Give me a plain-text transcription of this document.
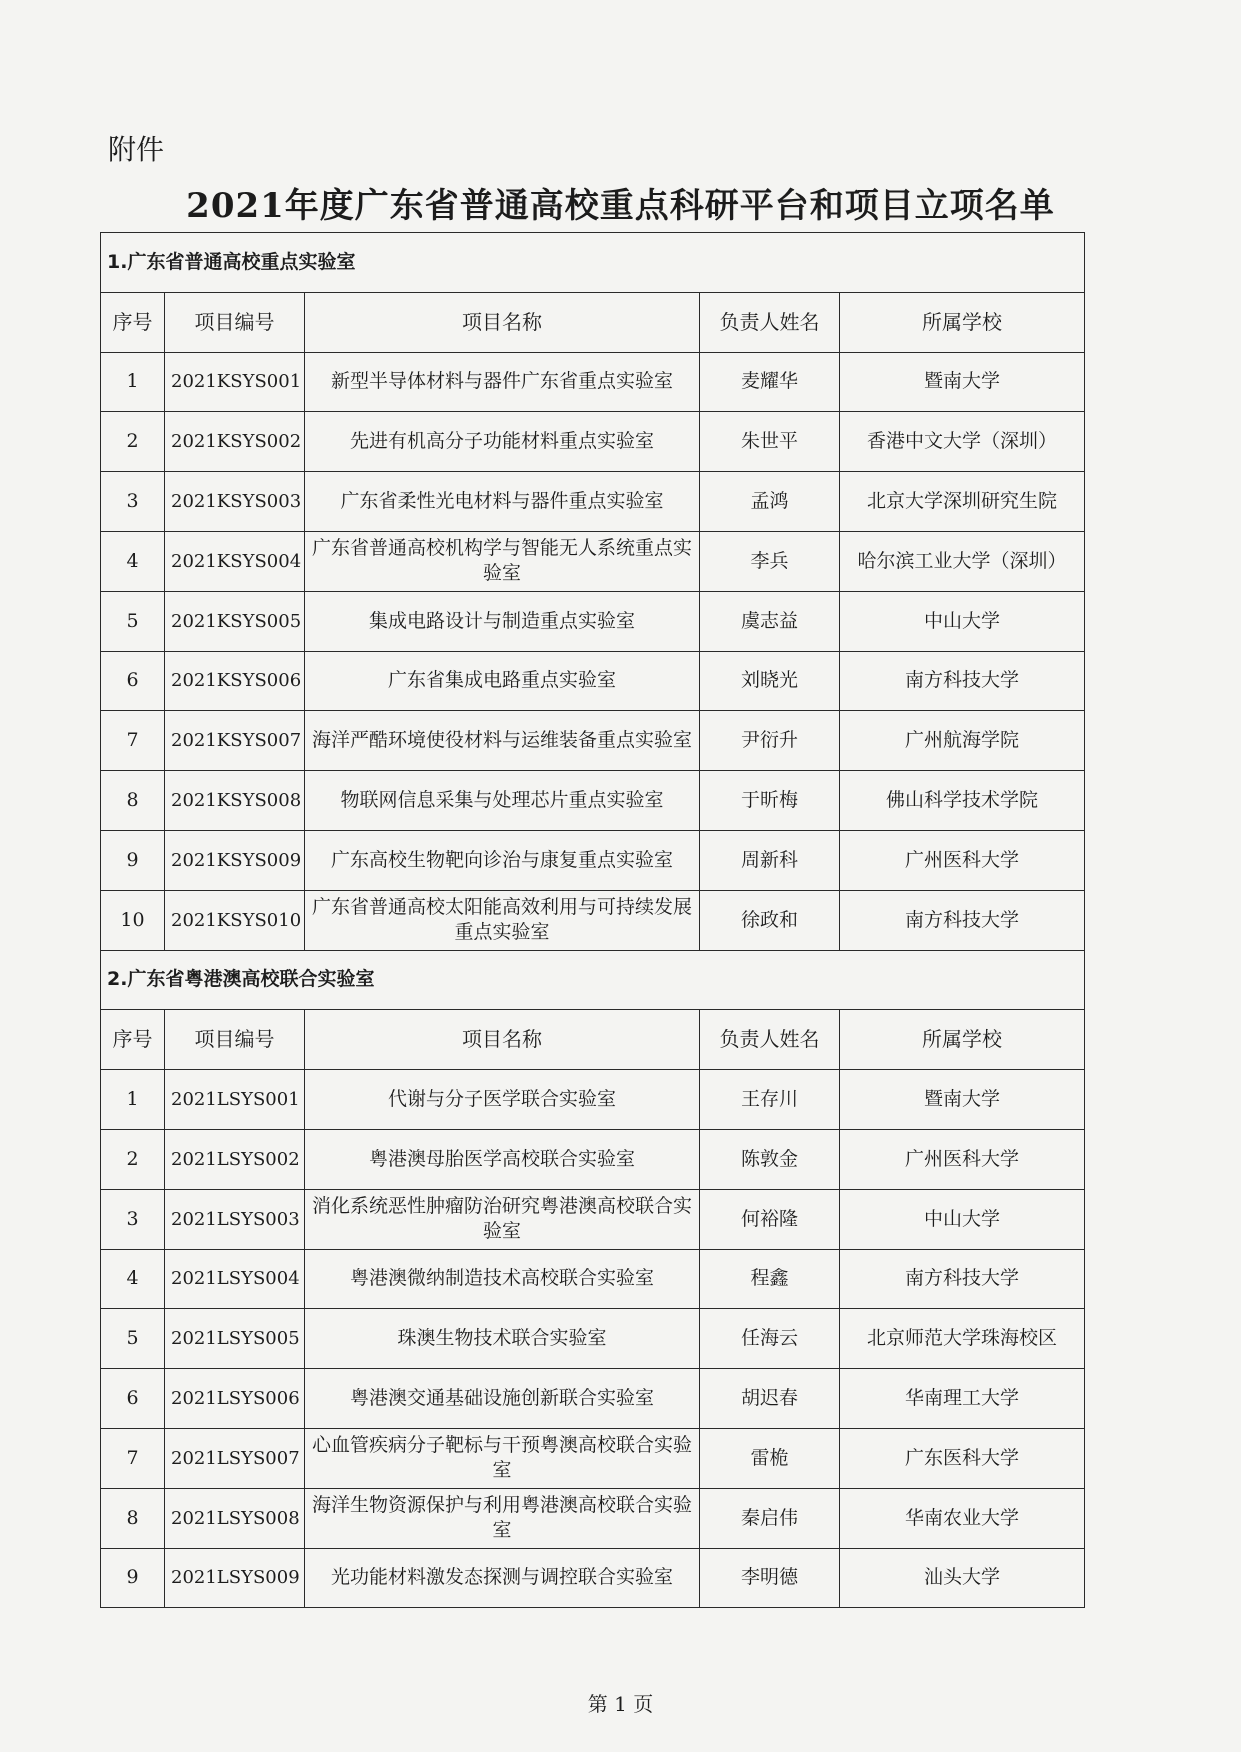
附件
2021年度广东省普通高校重点科研平台和项目立项名单
1.广东省普通高校重点实验室				
序号	项目编号	项目名称	负责人姓名	所属学校
1	2021KSYS001	新型半导体材料与器件广东省重点实验室	麦耀华	暨南大学
2	2021KSYS002	先进有机高分子功能材料重点实验室	朱世平	香港中文大学（深圳）
3	2021KSYS003	广东省柔性光电材料与器件重点实验室	孟鸿	北京大学深圳研究生院
4	2021KSYS004	广东省普通高校机构学与智能无人系统重点实验室	李兵	哈尔滨工业大学（深圳）
5	2021KSYS005	集成电路设计与制造重点实验室	虞志益	中山大学
6	2021KSYS006	广东省集成电路重点实验室	刘晓光	南方科技大学
7	2021KSYS007	海洋严酷环境使役材料与运维装备重点实验室	尹衍升	广州航海学院
8	2021KSYS008	物联网信息采集与处理芯片重点实验室	于昕梅	佛山科学技术学院
9	2021KSYS009	广东高校生物靶向诊治与康复重点实验室	周新科	广州医科大学
10	2021KSYS010	广东省普通高校太阳能高效利用与可持续发展重点实验室	徐政和	南方科技大学
2.广东省粤港澳高校联合实验室				
序号	项目编号	项目名称	负责人姓名	所属学校
1	2021LSYS001	代谢与分子医学联合实验室	王存川	暨南大学
2	2021LSYS002	粤港澳母胎医学高校联合实验室	陈敦金	广州医科大学
3	2021LSYS003	消化系统恶性肿瘤防治研究粤港澳高校联合实验室	何裕隆	中山大学
4	2021LSYS004	粤港澳微纳制造技术高校联合实验室	程鑫	南方科技大学
5	2021LSYS005	珠澳生物技术联合实验室	任海云	北京师范大学珠海校区
6	2021LSYS006	粤港澳交通基础设施创新联合实验室	胡迟春	华南理工大学
7	2021LSYS007	心血管疾病分子靶标与干预粤澳高校联合实验室	雷桅	广东医科大学
8	2021LSYS008	海洋生物资源保护与利用粤港澳高校联合实验室	秦启伟	华南农业大学
9	2021LSYS009	光功能材料激发态探测与调控联合实验室	李明德	汕头大学
第 1 页
